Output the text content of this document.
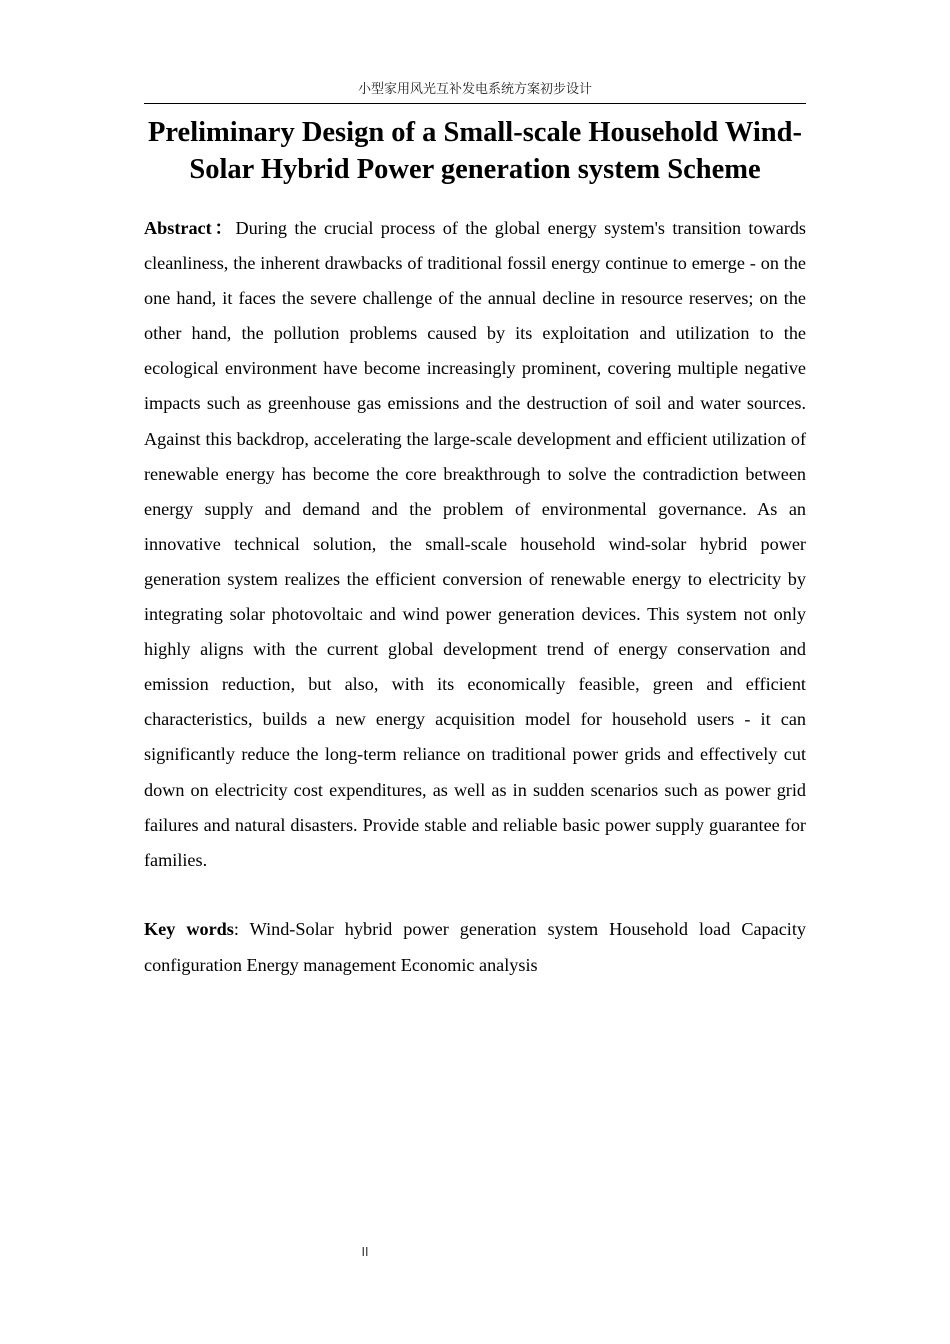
小型家用风光互补发电系统方案初步设计
Preliminary Design of a Small-scale Household Wind-Solar Hybrid Power generation system Scheme

Abstract：During the crucial process of the global energy system's transition towards cleanliness, the inherent drawbacks of traditional fossil energy continue to emerge - on the one hand, it faces the severe challenge of the annual decline in resource reserves; on the other hand, the pollution problems caused by its exploitation and utilization to the ecological environment have become increasingly prominent, covering multiple negative impacts such as greenhouse gas emissions and the destruction of soil and water sources. Against this backdrop, accelerating the large-scale development and efficient utilization of renewable energy has become the core breakthrough to solve the contradiction between energy supply and demand and the problem of environmental governance. As an innovative technical solution, the small-scale household wind-solar hybrid power generation system realizes the efficient conversion of renewable energy to electricity by integrating solar photovoltaic and wind power generation devices. This system not only highly aligns with the current global development trend of energy conservation and emission reduction, but also, with its economically feasible, green and efficient characteristics, builds a new energy acquisition model for household users - it can significantly reduce the long-term reliance on traditional power grids and effectively cut down on electricity cost expenditures, as well as in sudden scenarios such as power grid failures and natural disasters. Provide stable and reliable basic power supply guarantee for families.

Key words: Wind-Solar hybrid power generation system Household load Capacity configuration Energy management Economic analysis

II
